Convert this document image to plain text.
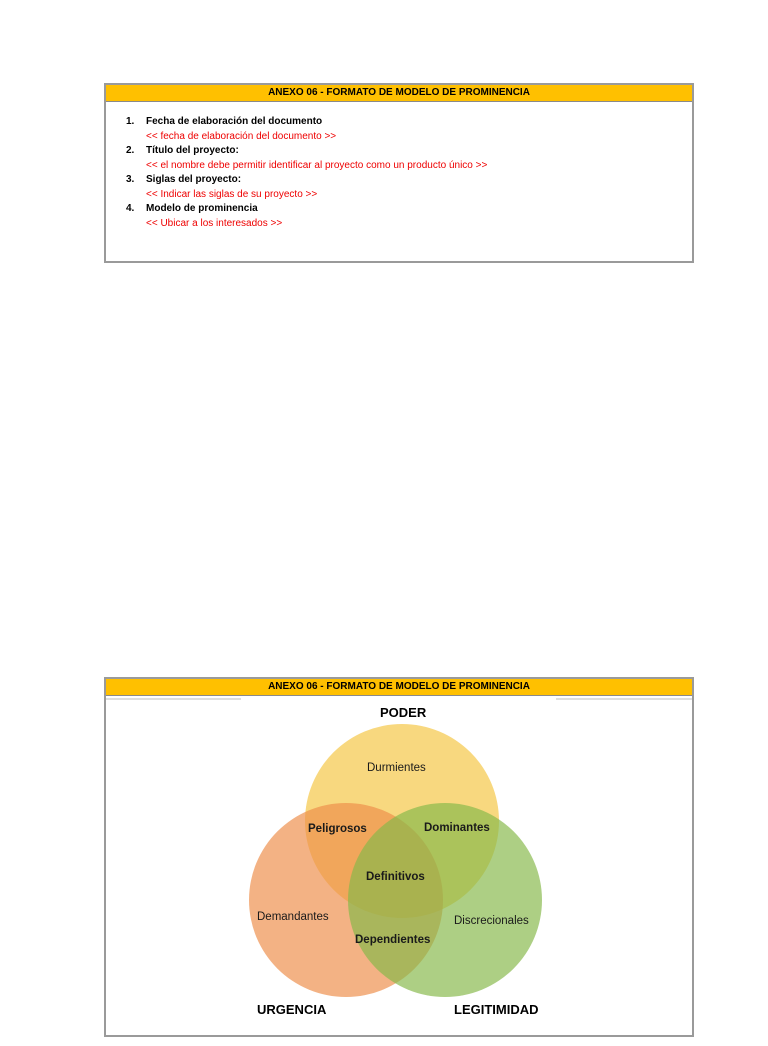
ANEXO 06 - FORMATO DE MODELO DE PROMINENCIA
1. Fecha de elaboración del documento
<< fecha de elaboración del documento >>
2. Título del proyecto:
<< el nombre debe permitir identificar al proyecto como un producto único >>
3. Siglas del proyecto:
<< Indicar las siglas de su proyecto >>
4. Modelo de prominencia
<< Ubicar a los interesados >>
ANEXO 06 - FORMATO DE MODELO DE PROMINENCIA
PODER
URGENCIA	LEGITIMIDAD
Durmientes
Demandantes	Discrecionales
Peligrosos	Dominantes
Dependientes
Definitivos
